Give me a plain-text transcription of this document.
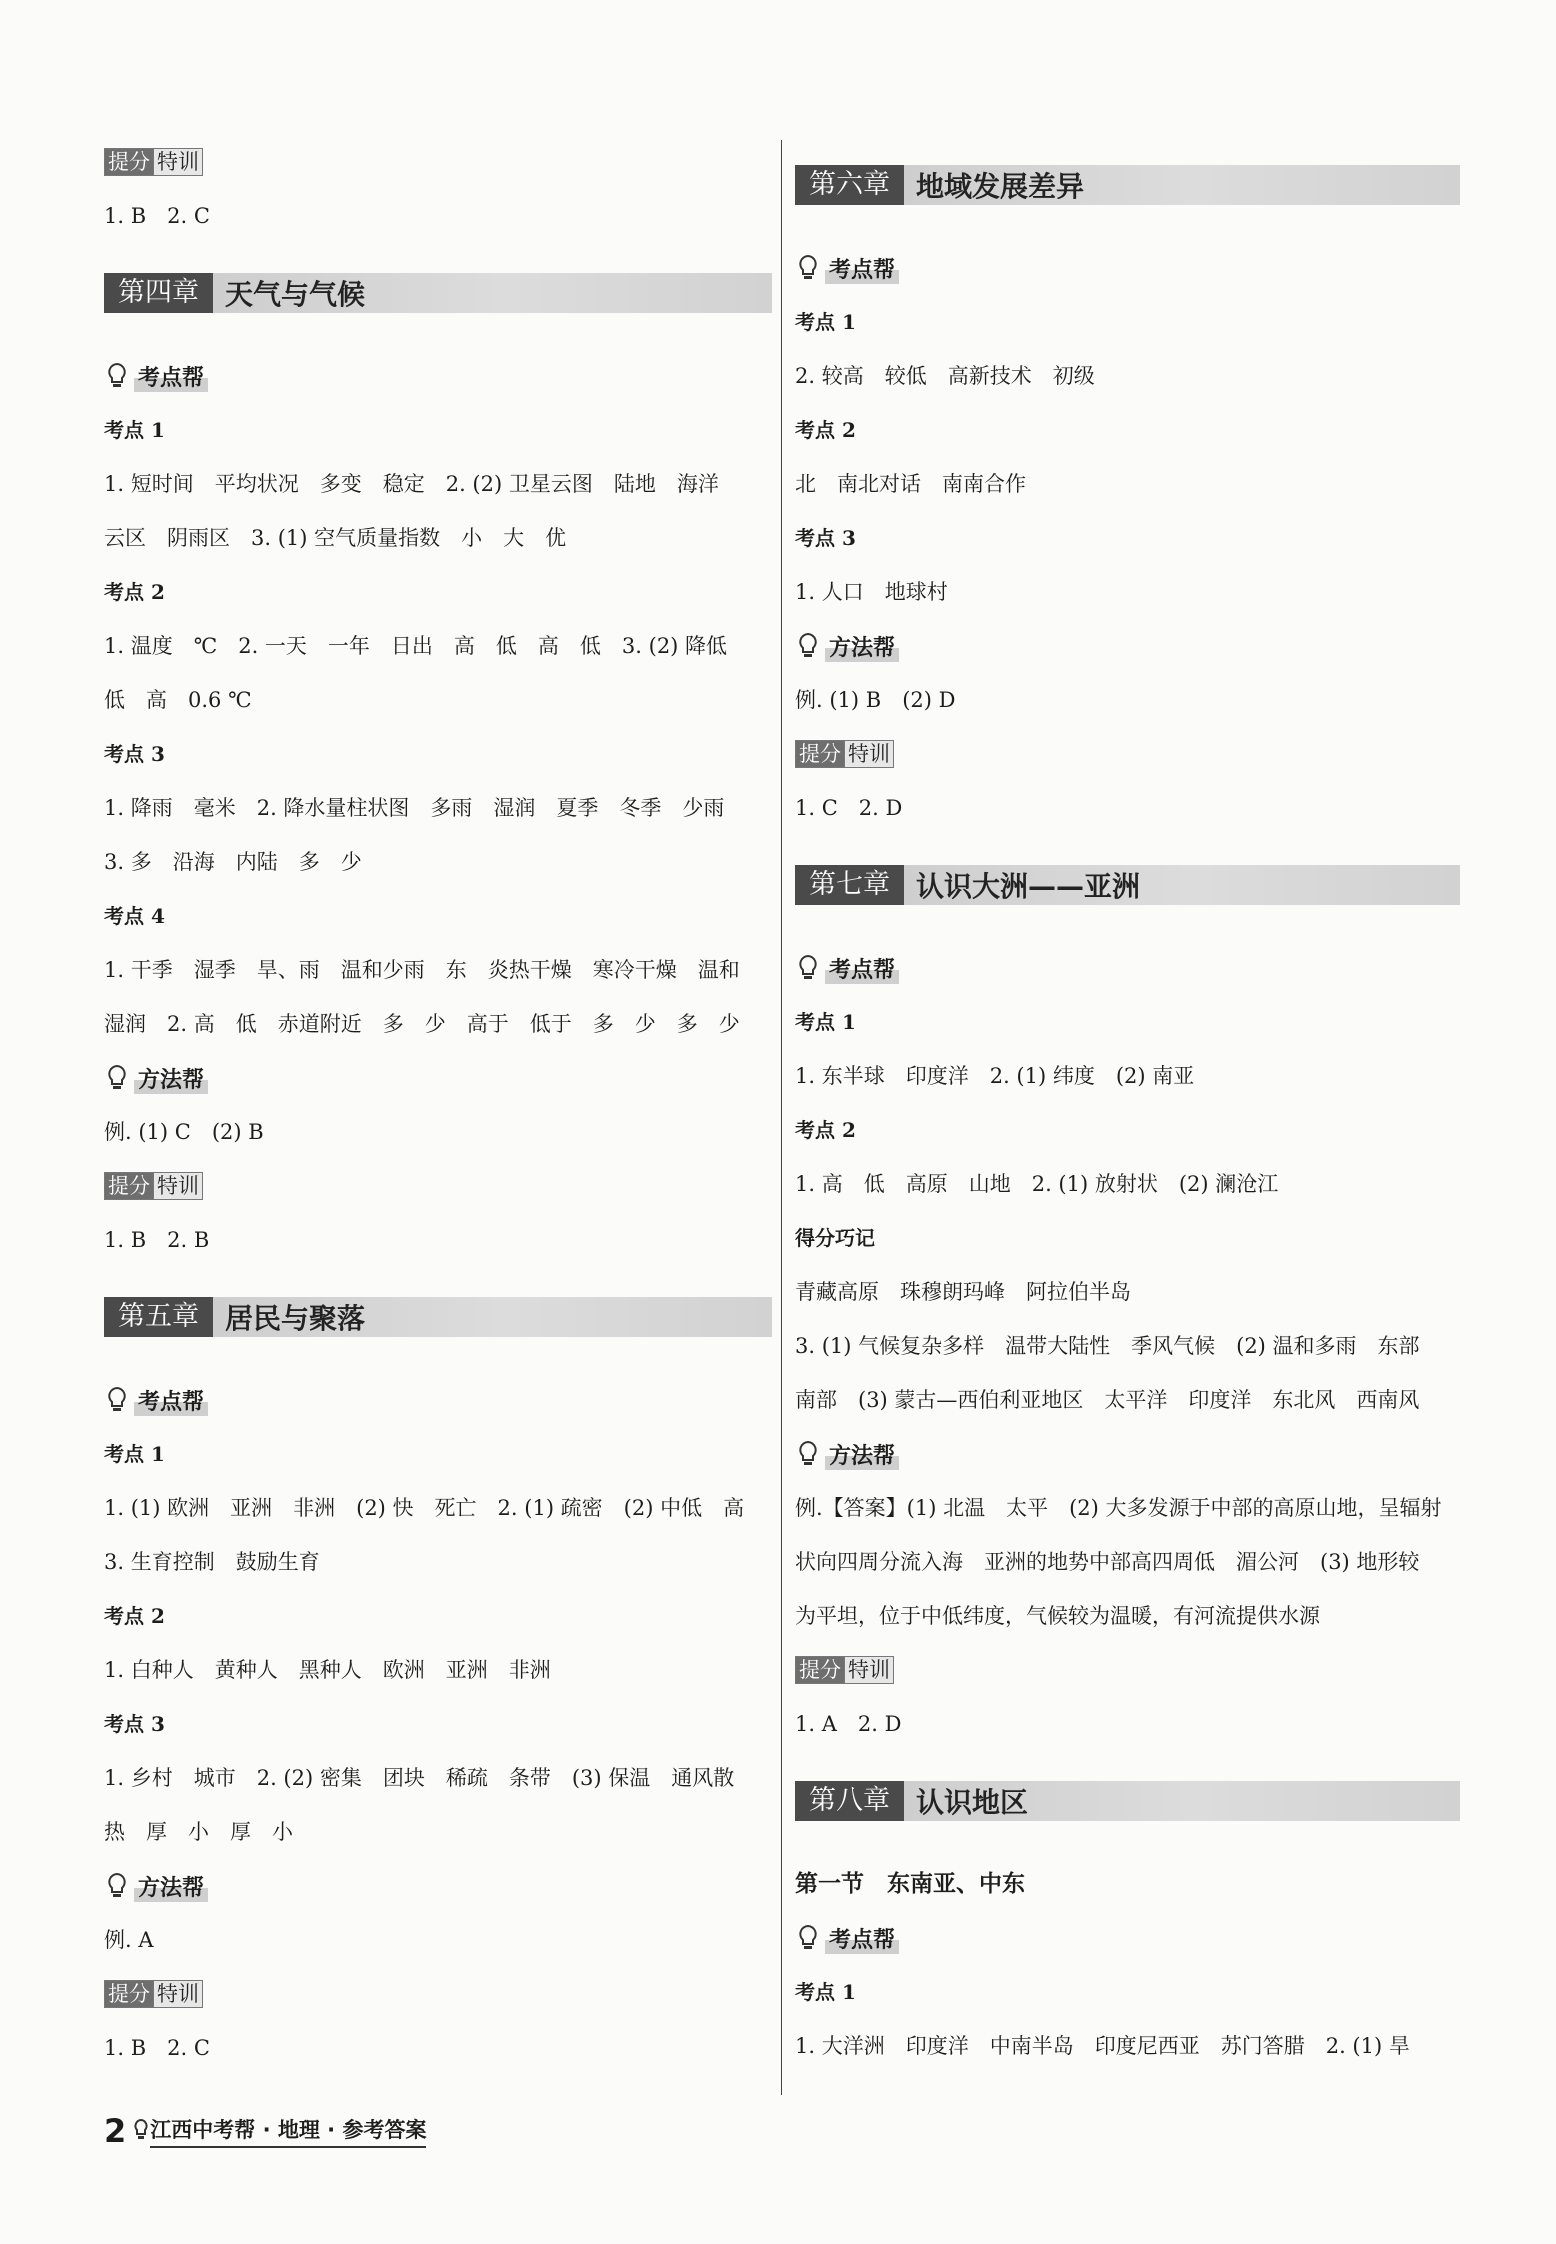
提分 特训
1. B　2. C
第四章 天气与气候
考点帮
考点 1
1. 短时间　平均状况　多变　稳定　2. (2) 卫星云图　陆地　海洋
云区　阴雨区　3. (1) 空气质量指数　小　大　优
考点 2
1. 温度　℃　2. 一天　一年　日出　高　低　高　低　3. (2) 降低
低　高　0.6 ℃
考点 3
1. 降雨　毫米　2. 降水量柱状图　多雨　湿润　夏季　冬季　少雨
3. 多　沿海　内陆　多　少
考点 4
1. 干季　湿季　旱、雨　温和少雨　东　炎热干燥　寒冷干燥　温和
湿润　2. 高　低　赤道附近　多　少　高于　低于　多　少　多　少
方法帮
例. (1) C　(2) B
提分 特训
1. B　2. B
第五章 居民与聚落
考点帮
考点 1
1. (1) 欧洲　亚洲　非洲　(2) 快　死亡　2. (1) 疏密　(2) 中低　高
3. 生育控制　鼓励生育
考点 2
1. 白种人　黄种人　黑种人　欧洲　亚洲　非洲
考点 3
1. 乡村　城市　2. (2) 密集　团块　稀疏　条带　(3) 保温　通风散
热　厚　小　厚　小
方法帮
例. A
提分 特训
1. B　2. C
第六章 地域发展差异
考点帮
考点 1
2. 较高　较低　高新技术　初级
考点 2
北　南北对话　南南合作
考点 3
1. 人口　地球村
方法帮
例. (1) B　(2) D
提分 特训
1. C　2. D
第七章 认识大洲——亚洲
考点帮
考点 1
1. 东半球　印度洋　2. (1) 纬度　(2) 南亚
考点 2
1. 高　低　高原　山地　2. (1) 放射状　(2) 澜沧江
得分巧记
青藏高原　珠穆朗玛峰　阿拉伯半岛
3. (1) 气候复杂多样　温带大陆性　季风气候　(2) 温和多雨　东部
南部　(3) 蒙古—西伯利亚地区　太平洋　印度洋　东北风　西南风
方法帮
例.【答案】(1) 北温　太平　(2) 大多发源于中部的高原山地，呈辐射
状向四周分流入海　亚洲的地势中部高四周低　湄公河　(3) 地形较
为平坦，位于中低纬度，气候较为温暖，有河流提供水源
提分 特训
1. A　2. D
第八章 认识地区
第一节　东南亚、中东
考点帮
考点 1
1. 大洋洲　印度洋　中南半岛　印度尼西亚　苏门答腊　2. (1) 旱
2 江西中考帮 · 地理 · 参考答案
